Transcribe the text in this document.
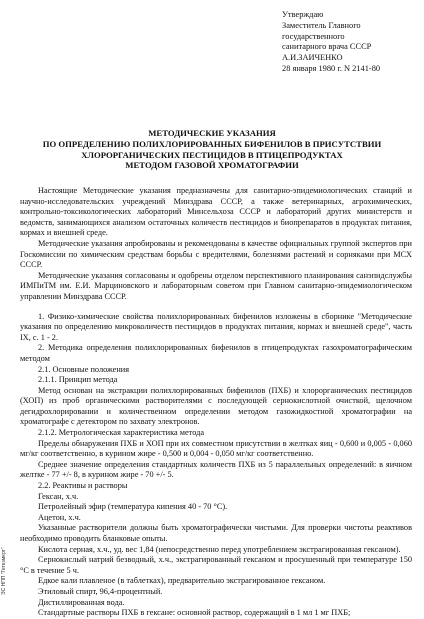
Утверждаю
Заместитель Главного
государственного
санитарного врача СССР
А.И.ЗАИЧЕНКО
28 января 1980 г. N 2141-80
МЕТОДИЧЕСКИЕ УКАЗАНИЯ
ПО ОПРЕДЕЛЕНИЮ ПОЛИХЛОРИРОВАННЫХ БИФЕНИЛОВ В ПРИСУТСТВИИ
ХЛОРОРГАНИЧЕСКИХ ПЕСТИЦИДОВ В ПТИЦЕПРОДУКТАХ
МЕТОДОМ ГАЗОВОЙ ХРОМАТОГРАФИИ

Настоящие Методические указания предназначены для санитарно-эпидемиологических станций и научно-исследовательских учреждений Минздрава СССР, а также ветеринарных, агрохимических, контрольно-токсикологических лабораторий Минсельхоза СССР и лабораторий других министерств и ведомств, занимающихся анализом остаточных количеств пестицидов и биопрепаратов в продуктах питания, кормах и внешней среде.

Методические указания апробированы и рекомендованы в качестве официальных группой экспертов при Госкомиссии по химическим средствам борьбы с вредителями, болезнями растений и сорняками при МСХ СССР.

Методические указания согласованы и одобрены отделом перспективного планирования санэпидслужбы ИМПиТМ им. Е.И. Марциновского и лабораторным советом при Главном санитарно-эпидемиологическом управлении Минздрава СССР.

1. Физико-химические свойства полихлорированных бифенилов изложены в сборнике "Методические указания по определению микроколичеств пестицидов в продуктах питания, кормах и внешней среде", часть IX, с. 1 - 2.

2. Методика определения полихлорированных бифенилов в птицепродуктах газохроматографическим методом

2.1. Основные положения

2.1.1. Принцип метода

Метод основан на экстракции полихлорированных бифенилов (ПХБ) и хлорорганических пестицидов (ХОП) из проб органическими растворителями с последующей сернокислотной очисткой, щелочном дегидрохлорировании и количественном определении методом газожидкостной хроматографии на хроматографе с детектором по захвату электронов.

2.1.2. Метрологическая характеристика метода

Пределы обнаружения ПХБ и ХОП при их совместном присутствии в желтках яиц - 0,600 и 0,005 - 0,060 мг/кг соответственно, в курином жире - 0,500 и 0,004 - 0,050 мг/кг соответственно.

Среднее значение определения стандартных количеств ПХБ из 5 параллельных определений: в яичном желтке - 77 +/- 8, в курином жире - 70 +/- 5.

2.2. Реактивы и растворы

Гексан, х.ч.

Петролейный эфир (температура кипения 40 - 70 °C).

Ацетон, х.ч.

Указанные растворители должны быть хроматографически чистыми. Для проверки чистоты реактивов необходимо проводить бланковые опыты.

Кислота серная, х.ч., уд. вес 1,84 (непосредственно перед употреблением экстрагированная гексаном).

Сернокислый натрий безводный, х.ч., экстрагированный гексаном и просушенный при температуре 150 °C в течение 5 ч.

Едкое кали плавленое (в таблетках), предварительно экстрагированное гексаном.

Этиловый спирт, 96,4-процентный.

Дистиллированная вода.

Стандартные растворы ПХБ в гексане: основной раствор, содержащий в 1 мл 1 мг ПХБ;

ЭС НПП "Гетезмерт"
